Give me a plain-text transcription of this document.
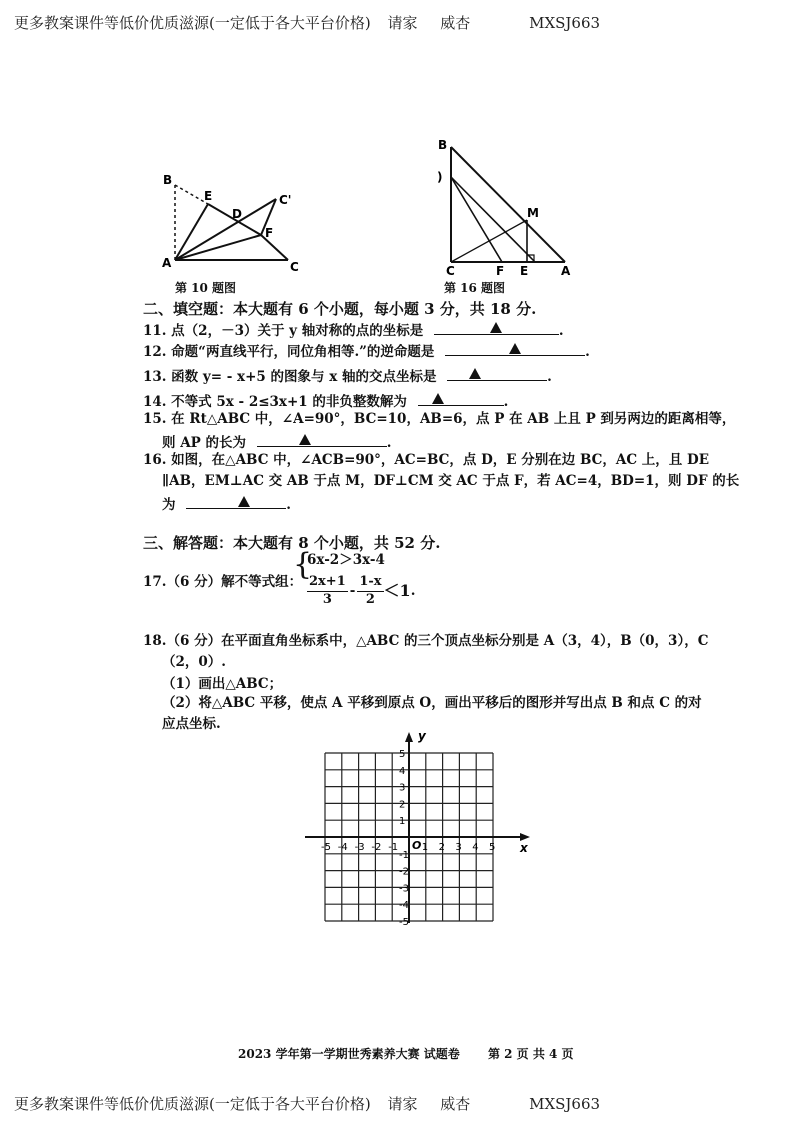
更多教案课件等低价优质滋源(一定低于各大平台价格) 请家 威杏	MXSJ663
B
E
D
C'
F
A	C
第 10 题图
B
)
M
C	F E	A
第 16 题图
二、填空题：本大题有 6 个小题，每小题 3 分，共 18 分.
11. 点（2，－3）关于 y 轴对称的点的坐标是	.
12. 命题“两直线平行，同位角相等.”的逆命题是	.
13. 函数 y= - x+5 的图象与 x 轴的交点坐标是	.
14. 不等式 5x - 2≤3x+1 的非负整数解为	.
15. 在 Rt△ABC 中，∠A=90°，BC=10，AB=6，点 P 在 AB 上且 P 到另两边的距离相等，
则 AP 的长为	.
16. 如图，在△ABC 中，∠ACB=90°，AC=BC，点 D，E 分别在边 BC，AC 上，且 DE
∥AB，EM⊥AC 交 AB 于点 M，DF⊥CM 交 AC 于点 F，若 AC=4，BD=1，则 DF 的长
为	.
三、解答题：本大题有 8 个小题，共 52 分.
17.（6 分）解不等式组：
{
6x-2＞3x-4
$\frac{2x+1}{3} - \frac{1-x}{2} <1$ .
18.（6 分）在平面直角坐标系中，△ABC 的三个顶点坐标分别是 A（3，4），B（0，3），C
（2，0）.
（1）画出△ABC；
（2）将△ABC 平移，使点 A 平移到原点 O，画出平移后的图形并写出点 B 和点 C 的对
应点坐标.
x
y
O
-5 -4 -3 -2 -1 1 2 3 4 5
5
4
3
2
1
-1
-2
-3
-4
-5
2023 学年第一学期世秀素养大赛 试题卷 第 2 页 共 4 页
更多教案课件等低价优质滋源(一定低于各大平台价格) 请家 威杏	MXSJ663
